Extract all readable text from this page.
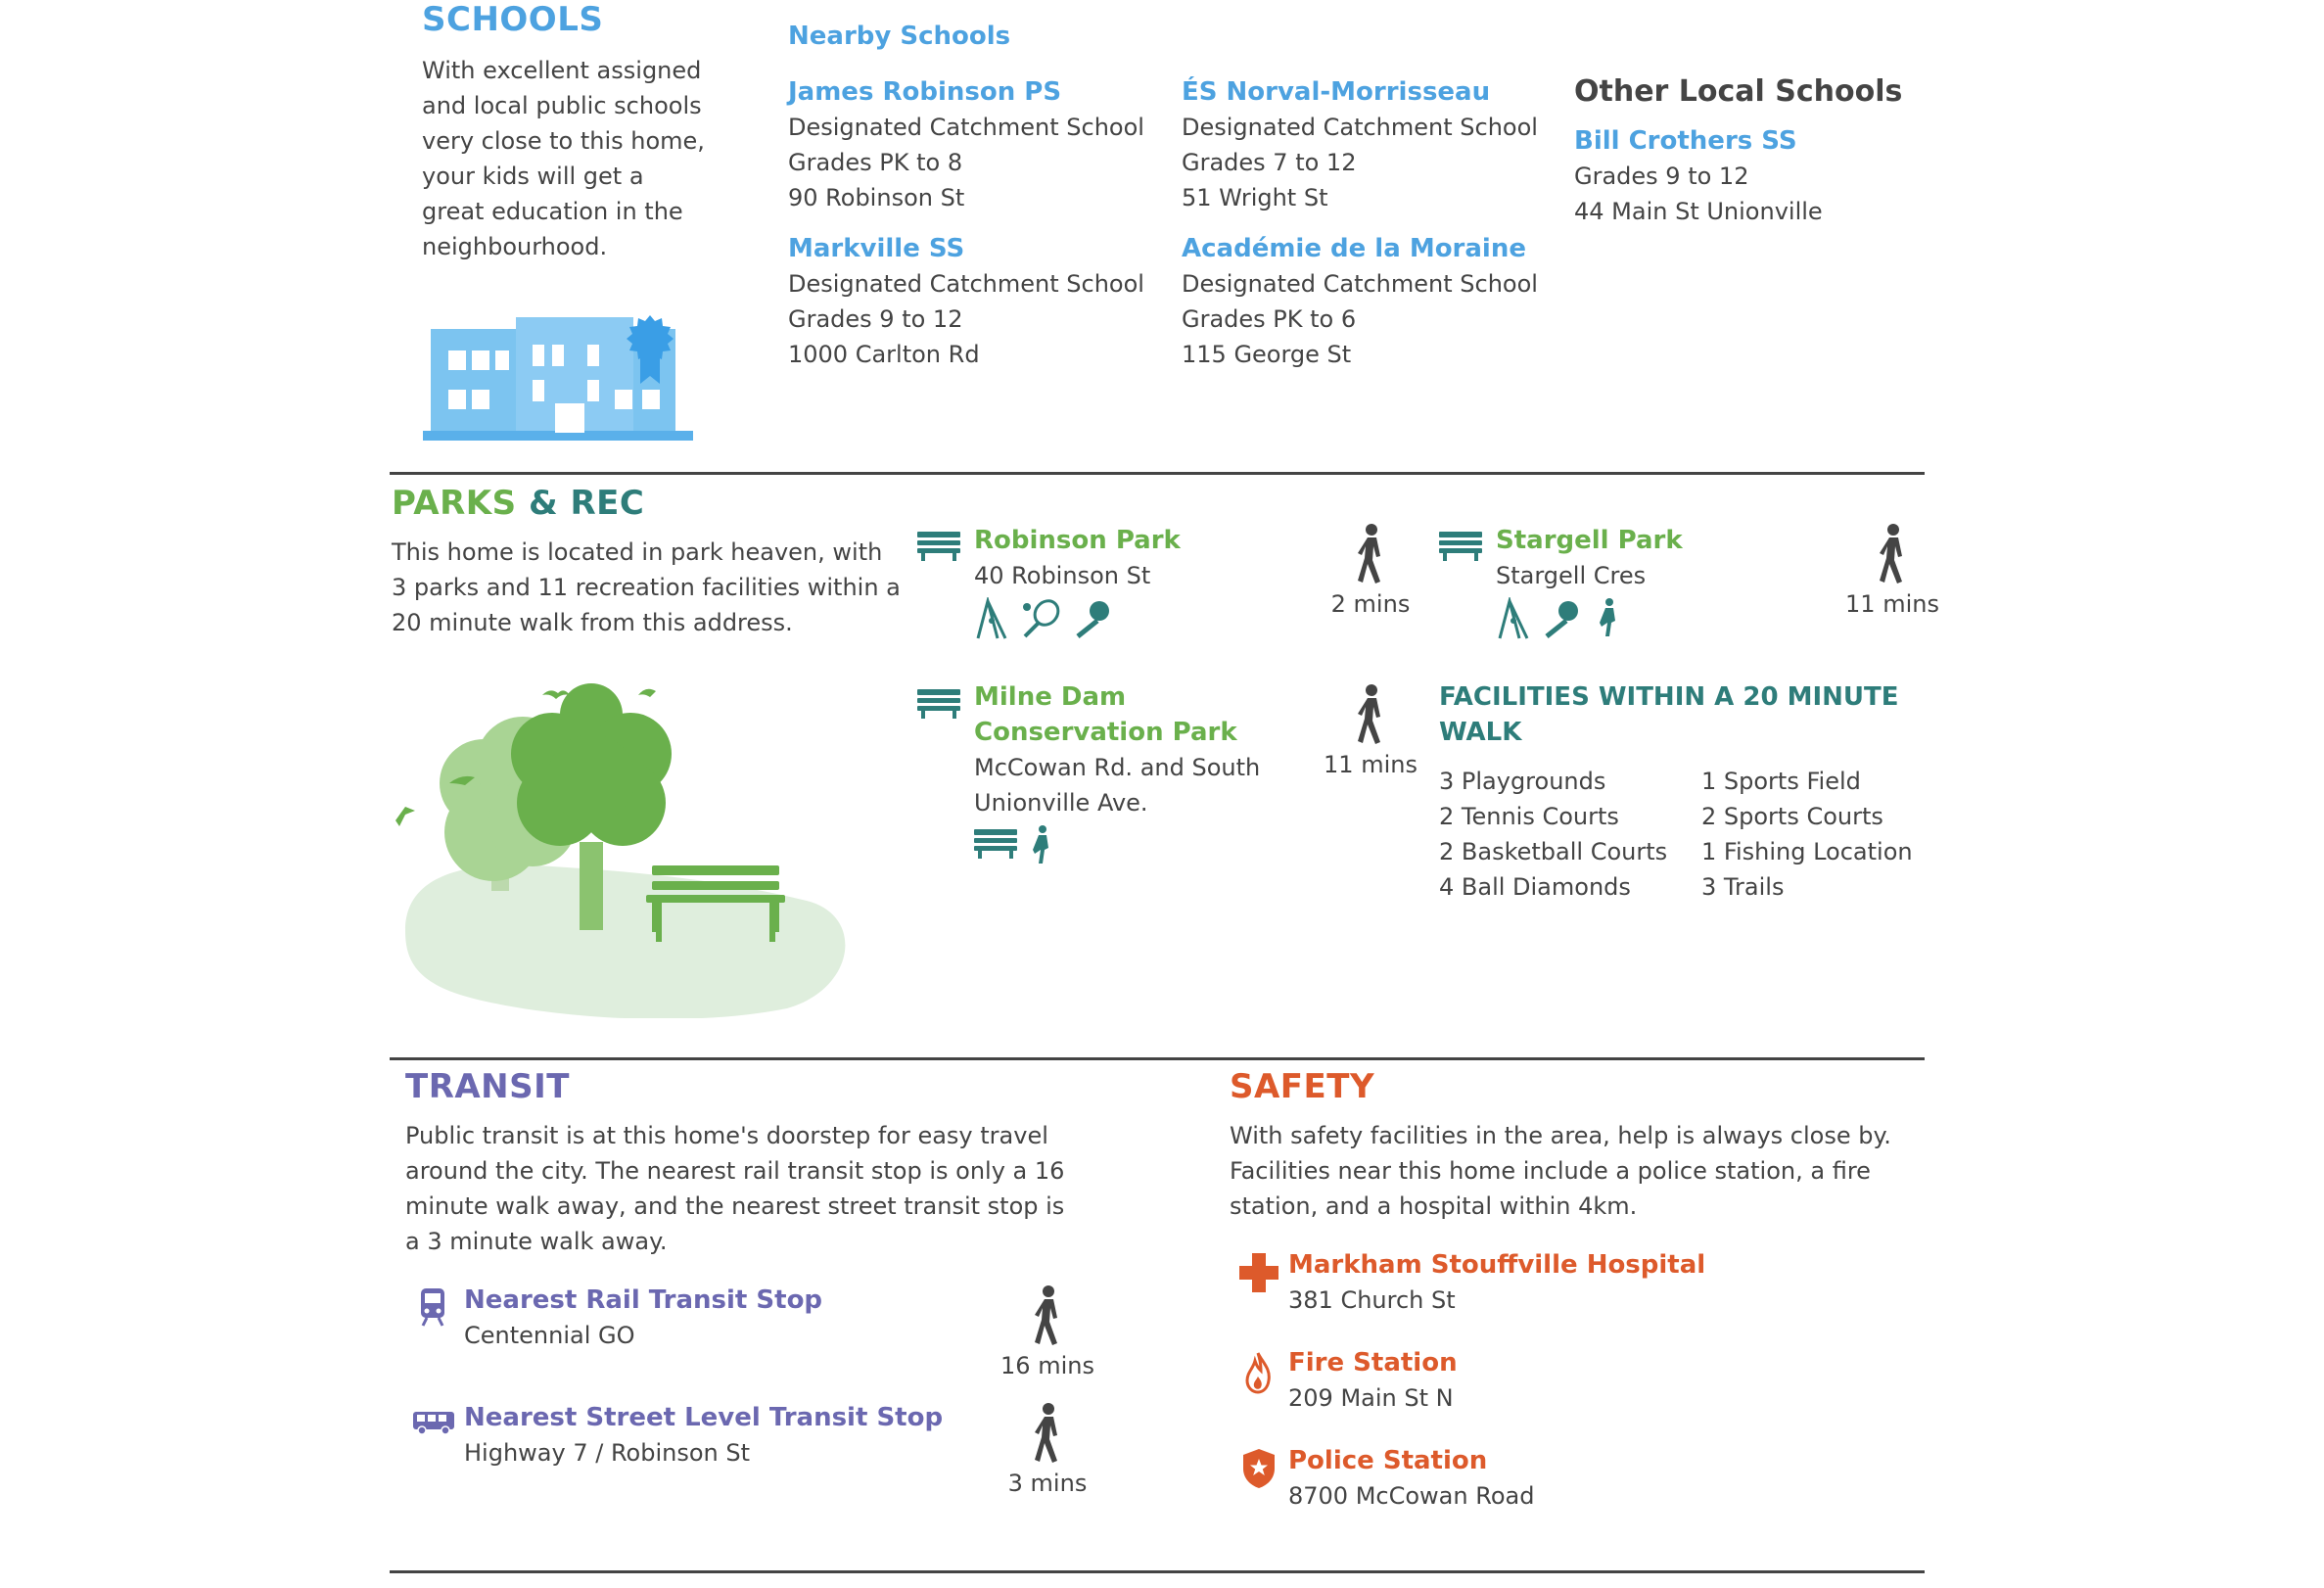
SCHOOLS
With excellent assigned and local public schools very close to this home, your kids will get a great education in the neighbourhood.
Nearby Schools
James Robinson PS
Designated Catchment School
Grades PK to 8
90 Robinson St
Markville SS
Designated Catchment School
Grades 9 to 12
1000 Carlton Rd
ÉS Norval-Morrisseau
Designated Catchment School
Grades 7 to 12
51 Wright St
Académie de la Moraine
Designated Catchment School
Grades PK to 6
115 George St
Other Local Schools
Bill Crothers SS
Grades 9 to 12
44 Main St Unionville
PARKS & REC
This home is located in park heaven, with 3 parks and 11 recreation facilities within a 20 minute walk from this address.
Robinson Park
40 Robinson St
2 mins
Stargell Park
Stargell Cres
11 mins
Milne Dam Conservation Park
McCowan Rd. and South Unionville Ave.
11 mins
FACILITIES WITHIN A 20 MINUTE WALK
3 Playgrounds
2 Tennis Courts
2 Basketball Courts
4 Ball Diamonds
1 Sports Field
2 Sports Courts
1 Fishing Location
3 Trails
TRANSIT
Public transit is at this home's doorstep for easy travel around the city. The nearest rail transit stop is only a 16 minute walk away, and the nearest street transit stop is a 3 minute walk away.
Nearest Rail Transit Stop
Centennial GO
16 mins
Nearest Street Level Transit Stop
Highway 7 / Robinson St
3 mins
SAFETY
With safety facilities in the area, help is always close by. Facilities near this home include a police station, a fire station, and a hospital within 4km.
Markham Stouffville Hospital
381 Church St
Fire Station
209 Main St N
Police Station
8700 McCowan Road
